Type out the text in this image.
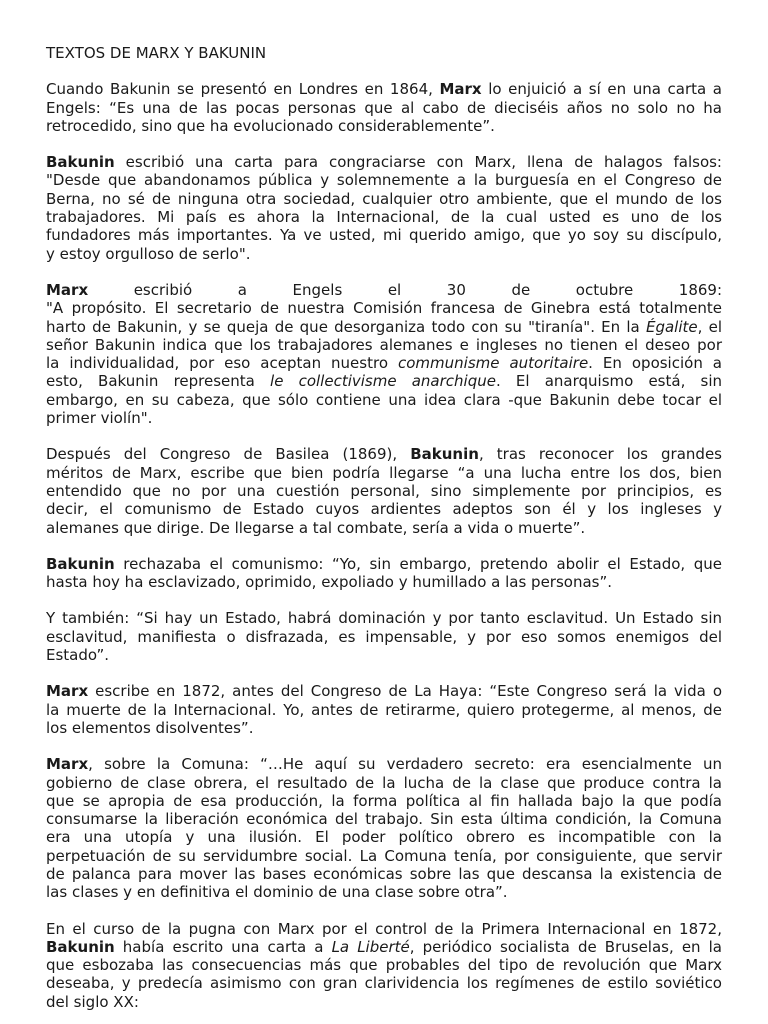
TEXTOS DE MARX Y BAKUNIN
Cuando Bakunin se presentó en Londres en 1864, Marx lo enjuició a sí en una carta a
Engels: “Es una de las pocas personas que al cabo de dieciséis años no solo no ha
retrocedido, sino que ha evolucionado considerablemente”.
Bakunin escribió una carta para congraciarse con Marx, llena de halagos falsos:
"Desde que abandonamos pública y solemnemente a la burguesía en el Congreso de
Berna, no sé de ninguna otra sociedad, cualquier otro ambiente, que el mundo de los
trabajadores. Mi país es ahora la Internacional, de la cual usted es uno de los
fundadores más importantes. Ya ve usted, mi querido amigo, que yo soy su discípulo,
y estoy orgulloso de serlo".
Marx escribió a Engels el 30 de octubre 1869:
"A propósito. El secretario de nuestra Comisión francesa de Ginebra está totalmente
harto de Bakunin, y se queja de que desorganiza todo con su "tiranía". En la Égalite, el
señor Bakunin indica que los trabajadores alemanes e ingleses no tienen el deseo por
la individualidad, por eso aceptan nuestro communisme autoritaire. En oposición a
esto, Bakunin representa le collectivisme anarchique. El anarquismo está, sin
embargo, en su cabeza, que sólo contiene una idea clara -que Bakunin debe tocar el
primer violín".
Después del Congreso de Basilea (1869), Bakunin, tras reconocer los grandes
méritos de Marx, escribe que bien podría llegarse “a una lucha entre los dos, bien
entendido que no por una cuestión personal, sino simplemente por principios, es
decir, el comunismo de Estado cuyos ardientes adeptos son él y los ingleses y
alemanes que dirige. De llegarse a tal combate, sería a vida o muerte”.
Bakunin rechazaba el comunismo: “Yo, sin embargo, pretendo abolir el Estado, que
hasta hoy ha esclavizado, oprimido, expoliado y humillado a las personas”.
Y también: “Si hay un Estado, habrá dominación y por tanto esclavitud. Un Estado sin
esclavitud, manifiesta o disfrazada, es impensable, y por eso somos enemigos del
Estado”.
Marx escribe en 1872, antes del Congreso de La Haya: “Este Congreso será la vida o
la muerte de la Internacional. Yo, antes de retirarme, quiero protegerme, al menos, de
los elementos disolventes”.
Marx, sobre la Comuna: “…He aquí su verdadero secreto: era esencialmente un
gobierno de clase obrera, el resultado de la lucha de la clase que produce contra la
que se apropia de esa producción, la forma política al fin hallada bajo la que podía
consumarse la liberación económica del trabajo. Sin esta última condición, la Comuna
era una utopía y una ilusión. El poder político obrero es incompatible con la
perpetuación de su servidumbre social. La Comuna tenía, por consiguiente, que servir
de palanca para mover las bases económicas sobre las que descansa la existencia de
las clases y en definitiva el dominio de una clase sobre otra”.
En el curso de la pugna con Marx por el control de la Primera Internacional en 1872,
Bakunin había escrito una carta a La Liberté, periódico socialista de Bruselas, en la
que esbozaba las consecuencias más que probables del tipo de revolución que Marx
deseaba, y predecía asimismo con gran clarividencia los regímenes de estilo soviético
del siglo XX:
